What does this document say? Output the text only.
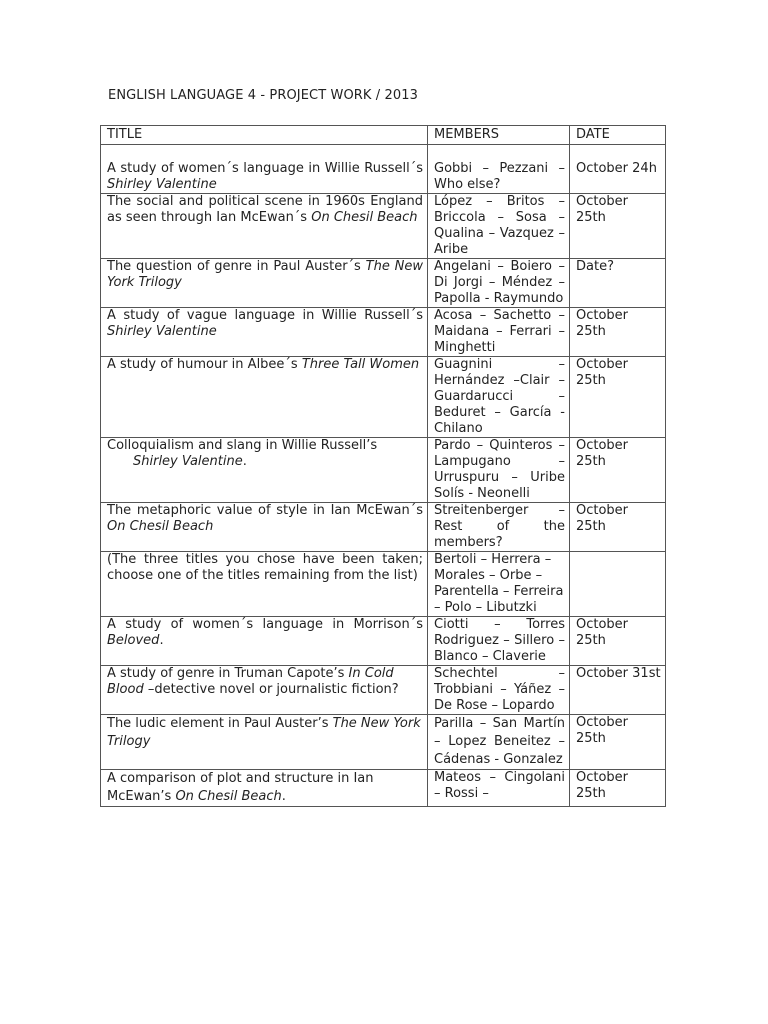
ENGLISH LANGUAGE 4 - PROJECT WORK / 2013
TITLE	MEMBERS	DATE
A study of women´s language in Willie Russell´s Shirley Valentine	Gobbi – Pezzani – Who else?	October 24h
The social and political scene in 1960s England as seen through Ian McEwan´s On Chesil Beach	López – Britos – Briccola – Sosa – Qualina – Vazquez – Aribe	October 25th
The question of genre in Paul Auster´s The New York Trilogy	Angelani – Boiero – Di Jorgi – Méndez – Papolla - Raymundo	Date?
A study of vague language in Willie Russell´s Shirley Valentine	Acosa – Sachetto – Maidana – Ferrari – Minghetti	October 25th
A study of humour in Albee´s Three Tall Women	Guagnini – Hernández –Clair – Guardarucci – Beduret – García - Chilano	October 25th
Colloquialism and slang in Willie Russell’s
Shirley Valentine.	Pardo – Quinteros – Lampugano – Urruspuru – Uribe Solís - Neonelli	October 25th
The metaphoric value of style in Ian McEwan´s On Chesil Beach	Streitenberger – Rest of the members?	October 25th
(The three titles you chose have been taken; choose one of the titles remaining from the list)	Bertoli – Herrera – Morales – Orbe – Parentella – Ferreira – Polo – Libutzki	
A study of women´s language in Morrison´s Beloved.	Ciotti – Torres Rodriguez – Sillero – Blanco – Claverie	October 25th
A study of genre in Truman Capote’s In Cold Blood –detective novel or journalistic fiction?	Schechtel – Trobbiani – Yáñez – De Rose – Lopardo	October 31st
The ludic element in Paul Auster’s The New York Trilogy	Parilla – San Martín – Lopez Beneitez – Cádenas - Gonzalez	October 25th
A comparison of plot and structure in Ian McEwan’s On Chesil Beach.	Mateos – Cingolani – Rossi –	October 25th
